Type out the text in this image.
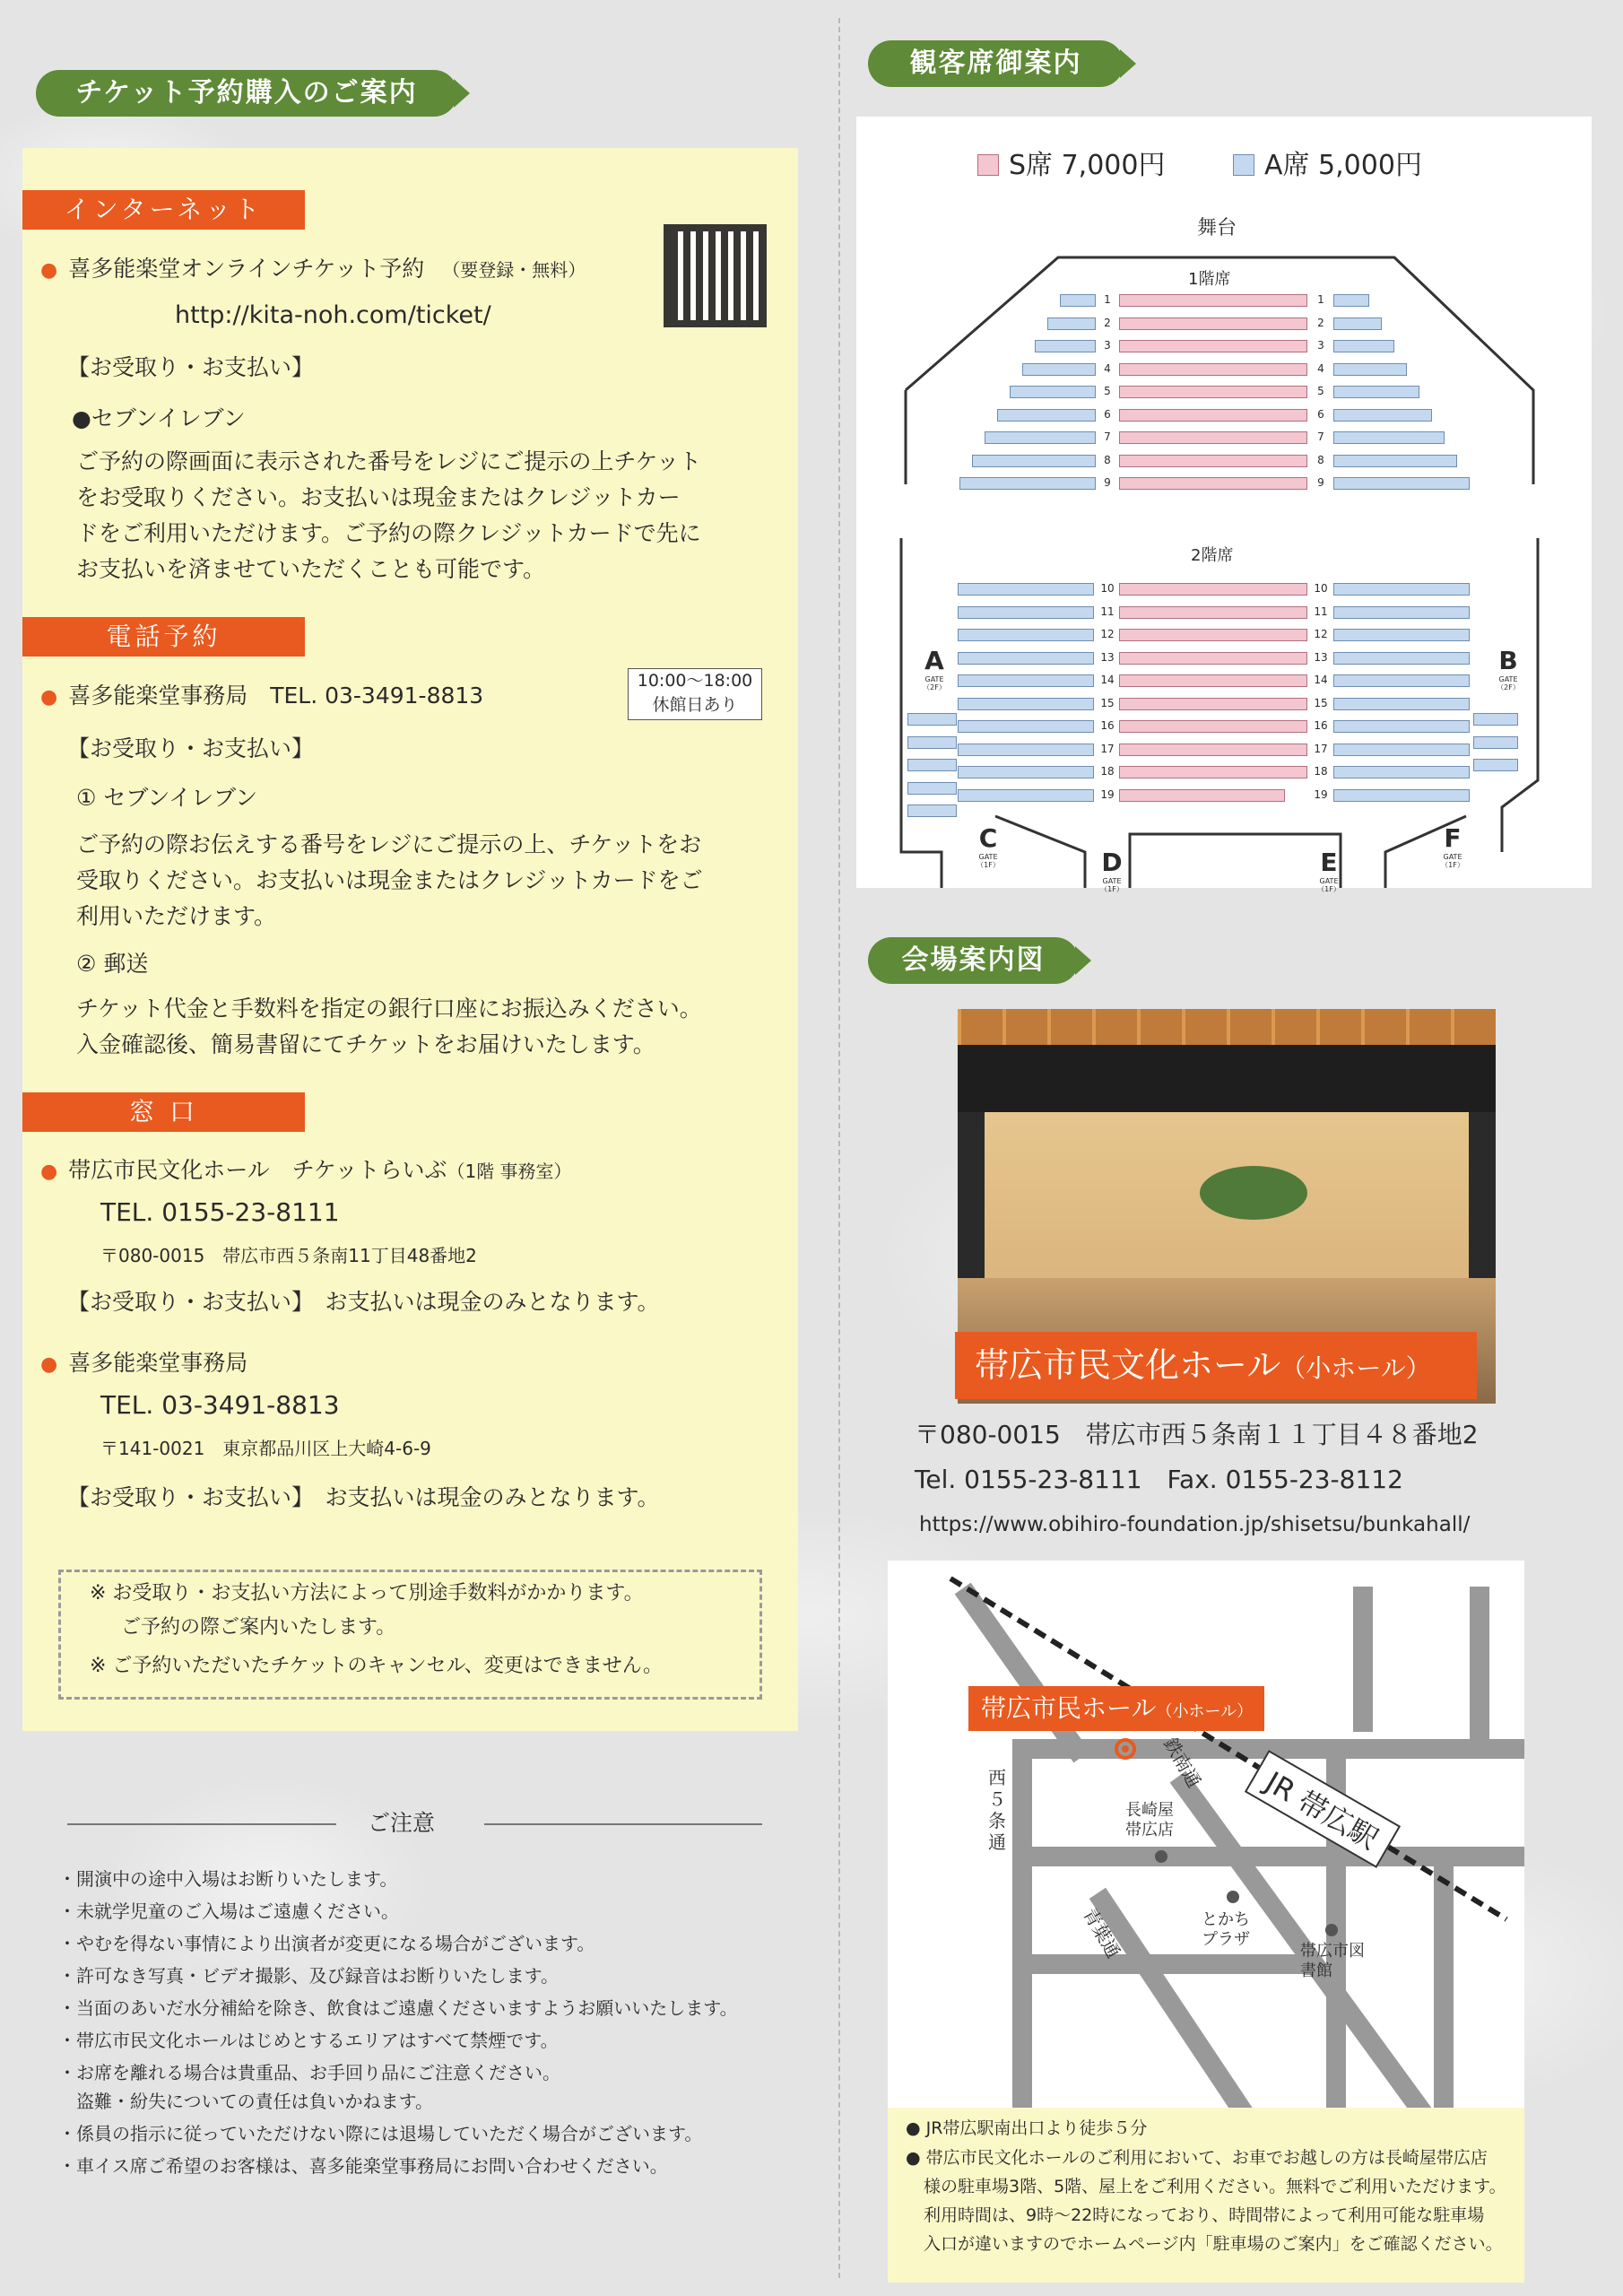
チケット予約購入のご案内
インターネット
● 喜多能楽堂オンラインチケット予約 （要登録・無料）
http://kita-noh.com/ticket/
【お受取り・お支払い】
●セブンイレブン
ご予約の際画面に表示された番号をレジにご提示の上チケット
をお受取りください。お支払いは現金またはクレジットカー
ドをご利用いただけます。ご予約の際クレジットカードで先に
お支払いを済ませていただくことも可能です。
電話予約
● 喜多能楽堂事務局　TEL. 03-3491-8813
10:00～18:00
休館日あり
【お受取り・お支払い】
① セブンイレブン
ご予約の際お伝えする番号をレジにご提示の上、チケットをお
受取りください。お支払いは現金またはクレジットカードをご
利用いただけます。
② 郵送
チケット代金と手数料を指定の銀行口座にお振込みください。
入金確認後、簡易書留にてチケットをお届けいたします。
窓 口
● 帯広市民文化ホール　チケットらいぶ（1階 事務室）
TEL. 0155-23-8111
〒080-0015　帯広市西５条南11丁目48番地2
【お受取り・お支払い】　お支払いは現金のみとなります。
● 喜多能楽堂事務局
TEL. 03-3491-8813
〒141-0021　東京都品川区上大崎4-6-9
【お受取り・お支払い】　お支払いは現金のみとなります。
※ お受取り・お支払い方法によって別途手数料がかかります。
ご予約の際ご案内いたします。
※ ご予約いただいたチケットのキャンセル、変更はできません。
ご注意
・ 開演中の途中入場はお断りいたします。
・ 未就学児童のご入場はご遠慮ください。
・ やむを得ない事情により出演者が変更になる場合がございます。
・ 許可なき写真・ビデオ撮影、及び録音はお断りいたします。
・ 当面のあいだ水分補給を除き、飲食はご遠慮くださいますようお願いいたします。
・ 帯広市民文化ホールはじめとするエリアはすべて禁煙です。
・ お席を離れる場合は貴重品、お手回り品にご注意ください。
盗難・紛失についての責任は負いかねます。
・ 係員の指示に従っていただけない際には退場していただく場合がございます。
・ 車イス席ご希望のお客様は、喜多能楽堂事務局にお問い合わせください。
観客席御案内
S席 7,000円	A席 5,000円
舞台
1階席
2階席
1	1
2	2
3	3
4	4
5	5
6	6
7	7
8	8
9	9
10	10
11	11
12	12
13	13
14	14
15	15
16	16
17	17
18	18
19	19
A
GATE
（2F）
B
GATE
（2F）
C
GATE
（1F）	D
GATE
（1F）
E
GATE
（1F）
F
GATE
（1F）
会場案内図
帯広市民文化ホール（小ホール）
〒080-0015　帯広市西５条南１１丁目４８番地2
Tel. 0155-23-8111　Fax. 0155-23-8112
https://www.obihiro-foundation.jp/shisetsu/bunkahall/
帯広市民ホール（小ホール）
JR 帯広駅
西５条通
鉄南通
青葉通
長崎屋帯広店
とかちプラザ
帯広市図書館
● JR帯広駅南出口より徒歩５分
● 帯広市民文化ホールのご利用において、お車でお越しの方は長崎屋帯広店
様の駐車場3階、5階、屋上をご利用ください。無料でご利用いただけます。
利用時間は、9時～22時になっており、時間帯によって利用可能な駐車場
入口が違いますのでホームページ内「駐車場のご案内」をご確認ください。
